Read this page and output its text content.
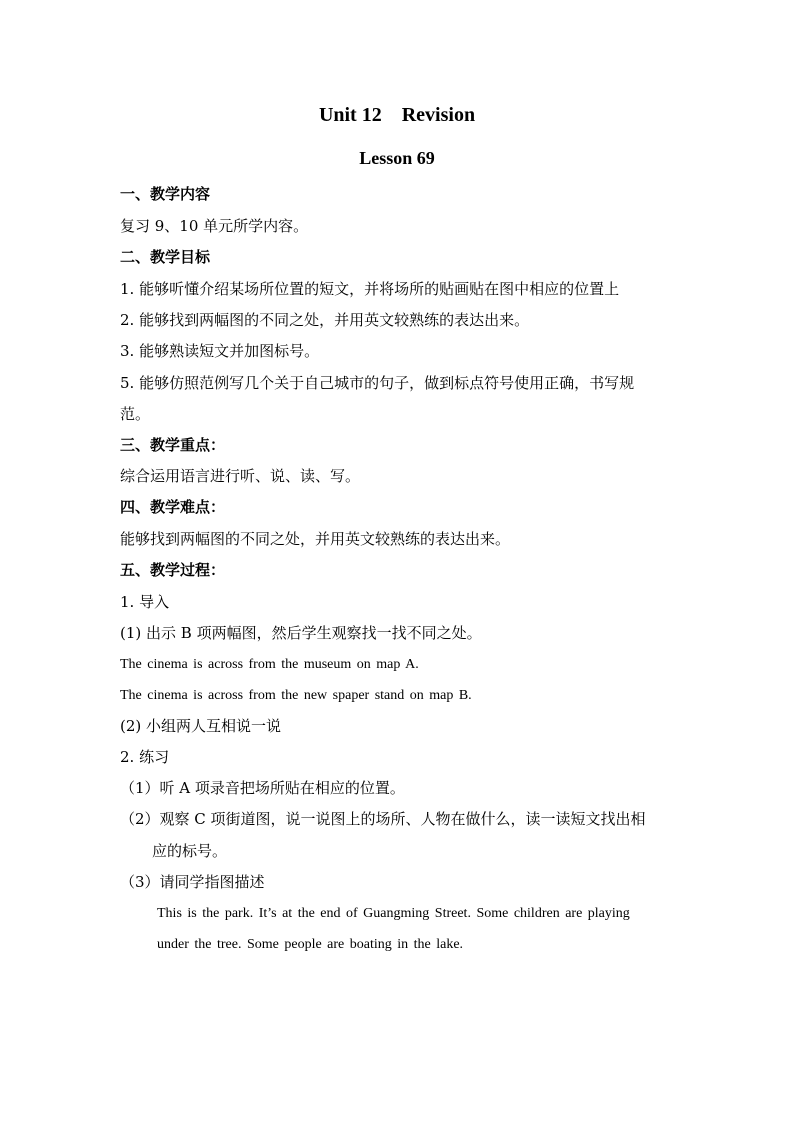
Unit 12    Revision
Lesson 69
一、教学内容
复习 9、10 单元所学内容。
二、教学目标
1. 能够听懂介绍某场所位置的短文，并将场所的贴画贴在图中相应的位置上
2. 能够找到两幅图的不同之处，并用英文较熟练的表达出来。
3. 能够熟读短文并加图标号。
5. 能够仿照范例写几个关于自己城市的句子，做到标点符号使用正确，书写规
范。
三、教学重点：
综合运用语言进行听、说、读、写。
四、教学难点：
能够找到两幅图的不同之处，并用英文较熟练的表达出来。
五、教学过程：
1. 导入
(1) 出示 B 项两幅图，然后学生观察找一找不同之处。
The cinema is across from the museum on map A.
The cinema is across from the new spaper stand on map B.
(2) 小组两人互相说一说
2. 练习
（1）听 A 项录音把场所贴在相应的位置。
（2）观察 C 项街道图，说一说图上的场所、人物在做什么，读一读短文找出相
应的标号。
（3）请同学指图描述
This is the park. It’s at the end of Guangming Street. Some children are playing
under the tree. Some people are boating in the lake.
